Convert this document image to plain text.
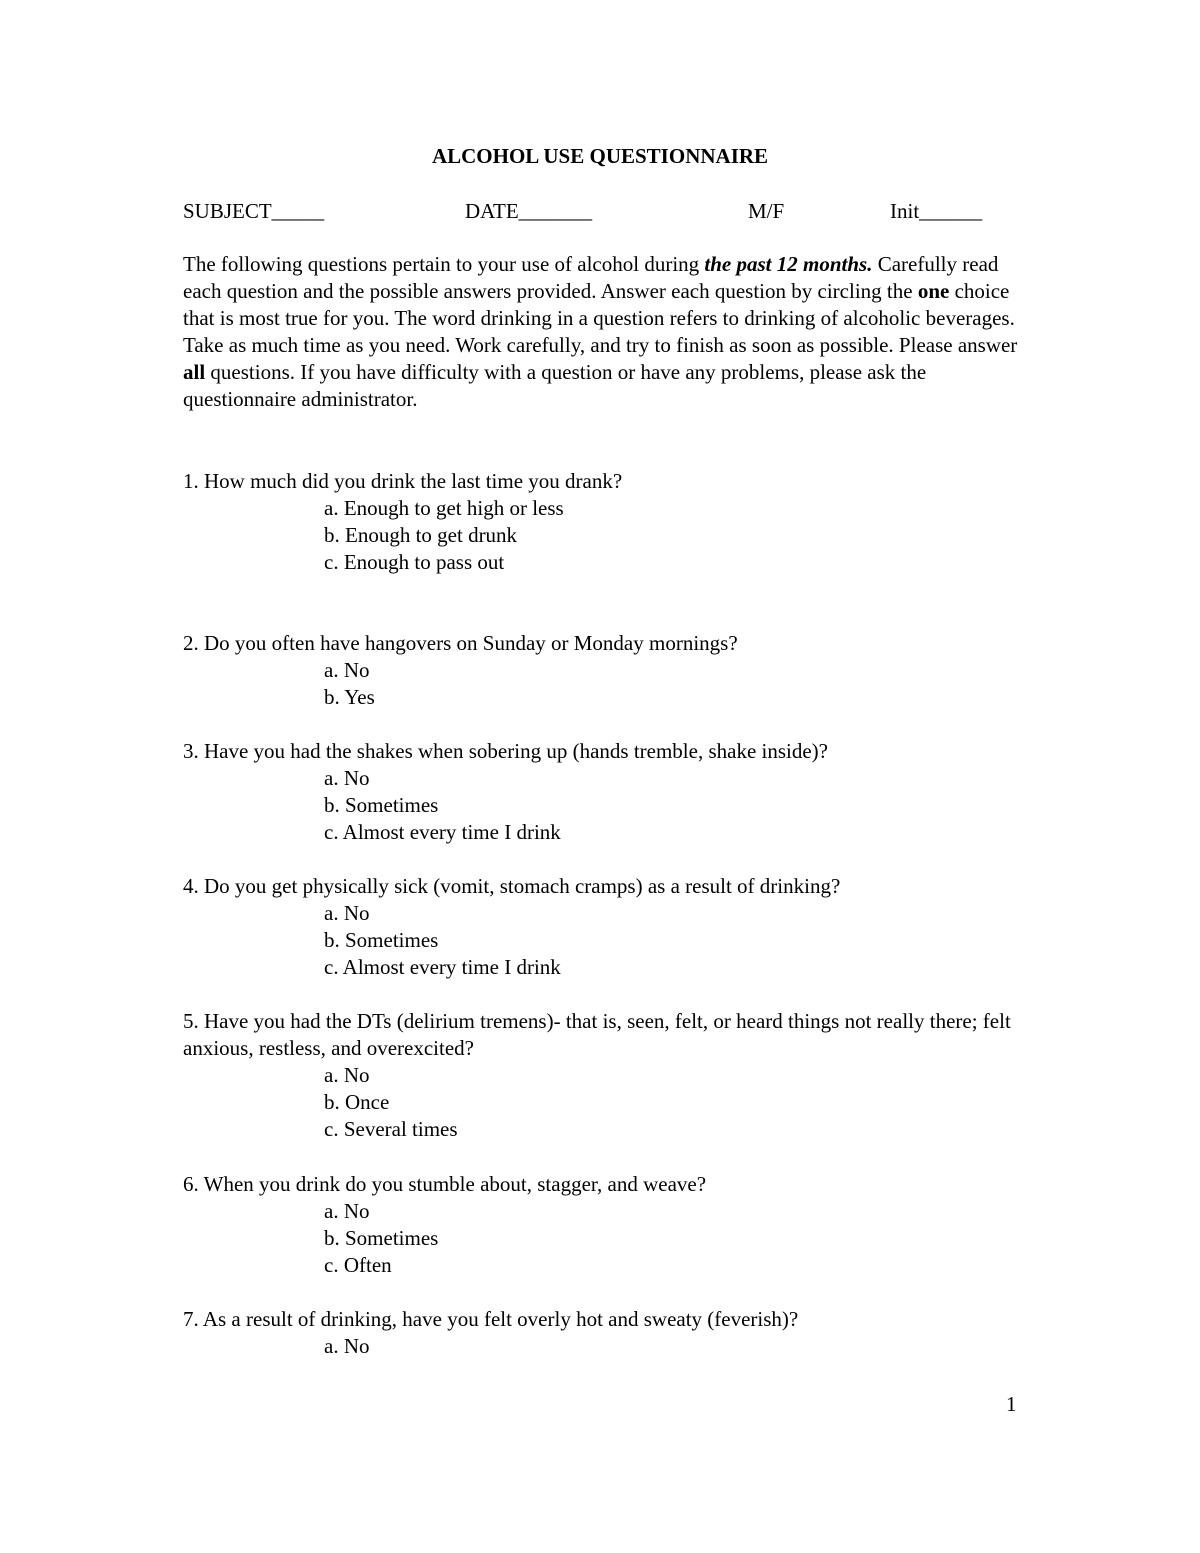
ALCOHOL USE QUESTIONNAIRE
SUBJECT_____	DATE_______	M/F	Init______

The following questions pertain to your use of alcohol during the past 12 months. Carefully read each question and the possible answers provided. Answer each question by circling the one choice that is most true for you. The word drinking in a question refers to drinking of alcoholic beverages. Take as much time as you need. Work carefully, and try to finish as soon as possible. Please answer all questions. If you have difficulty with a question or have any problems, please ask the questionnaire administrator.

1. How much did you drink the last time you drank?

a. Enough to get high or less
b. Enough to get drunk
c. Enough to pass out

2. Do you often have hangovers on Sunday or Monday mornings?

a. No
b. Yes

3. Have you had the shakes when sobering up (hands tremble, shake inside)?

a. No
b. Sometimes
c. Almost every time I drink

4. Do you get physically sick (vomit, stomach cramps) as a result of drinking?

a. No
b. Sometimes
c. Almost every time I drink

5. Have you had the DTs (delirium tremens)- that is, seen, felt, or heard things not really there; felt anxious, restless, and overexcited?

a. No
b. Once
c. Several times

6. When you drink do you stumble about, stagger, and weave?

a. No
b. Sometimes
c. Often

7. As a result of drinking, have you felt overly hot and sweaty (feverish)?

a. No
1
